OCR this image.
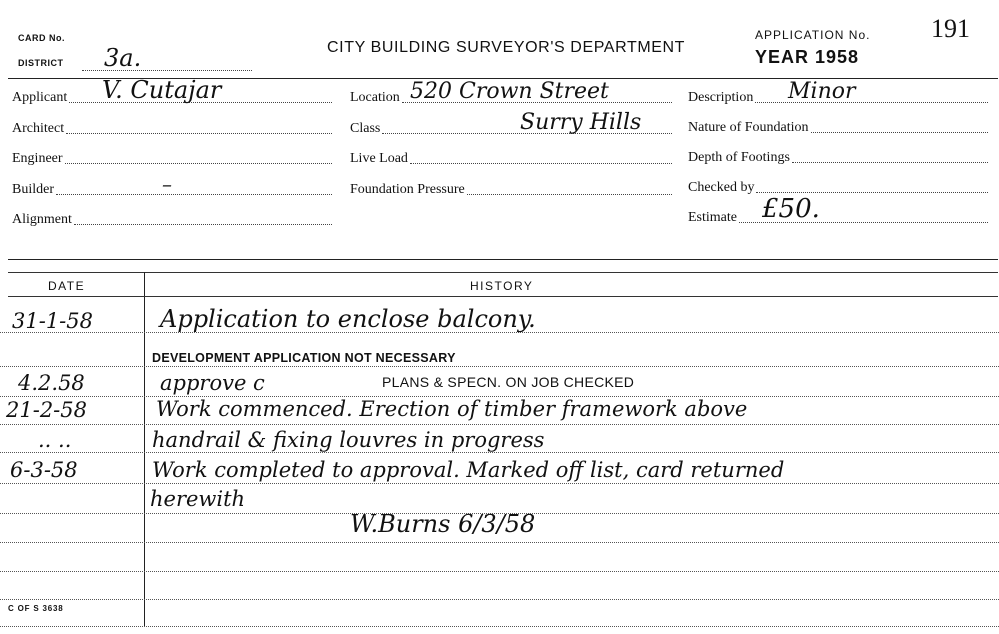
CARD No.
DISTRICT 3a.	CITY BUILDING SURVEYOR'S DEPARTMENT
APPLICATION No.
YEAR 1958
191
Applicant V. Cutajar
Architect
Engineer
Builder	–
Alignment
Location 520 Crown Street
Class	Surry Hills
Live Load
Foundation Pressure
Description Minor
Nature of Foundation
Depth of Footings
Checked by
Estimate £50.
DATE	HISTORY
31-1-58	Application to enclose balcony.
DEVELOPMENT APPLICATION NOT NECESSARY
4.2.58	approve c	PLANS & SPECN. ON JOB CHECKED
21-2-58	Work commenced. Erection of timber framework above
.. ..	handrail & fixing louvres in progress
6-3-58	Work completed to approval. Marked off list, card returned
herewith
W.Burns 6/3/58
C OF S 3638
